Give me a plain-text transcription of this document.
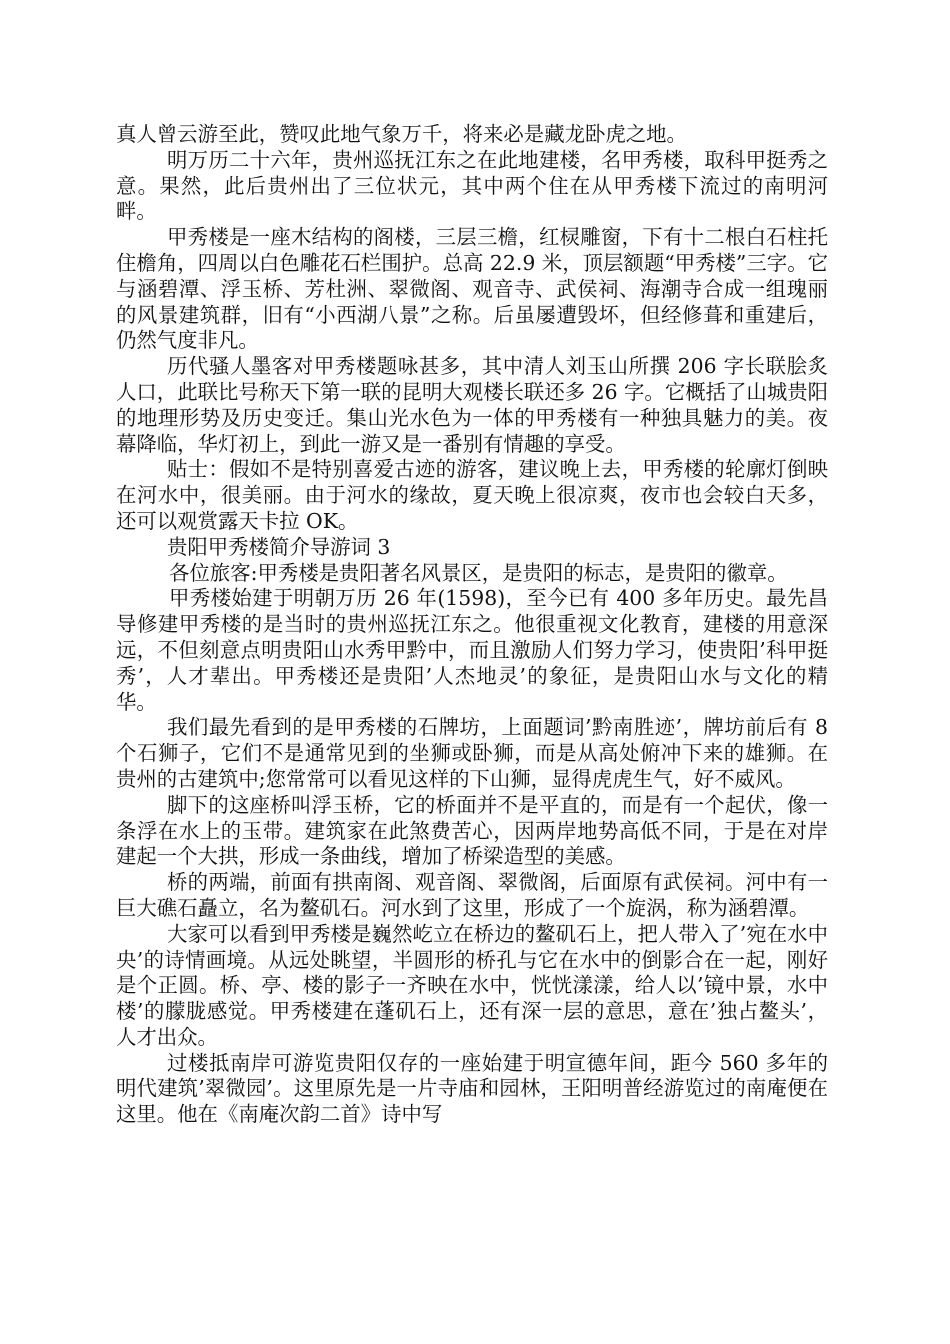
真人曾云游至此，赞叹此地气象万千，将来必是藏龙卧虎之地。

明万历二十六年，贵州巡抚江东之在此地建楼，名甲秀楼，取科甲挺秀之意。果然，此后贵州出了三位状元，其中两个住在从甲秀楼下流过的南明河畔。

甲秀楼是一座木结构的阁楼，三层三檐，红棂雕窗，下有十二根白石柱托住檐角，四周以白色雕花石栏围护。总高 22.9 米，顶层额题“甲秀楼”三字。它与涵碧潭、浮玉桥、芳杜洲、翠微阁、观音寺、武侯祠、海潮寺合成一组瑰丽的风景建筑群，旧有“小西湖八景”之称。后虽屡遭毁坏，但经修葺和重建后，仍然气度非凡。

历代骚人墨客对甲秀楼题咏甚多，其中清人刘玉山所撰 206 字长联脍炙人口，此联比号称天下第一联的昆明大观楼长联还多 26 字。它概括了山城贵阳的地理形势及历史变迁。集山光水色为一体的甲秀楼有一种独具魅力的美。夜幕降临，华灯初上，到此一游又是一番别有情趣的享受。

贴士：假如不是特别喜爱古迹的游客，建议晚上去，甲秀楼的轮廓灯倒映在河水中，很美丽。由于河水的缘故，夏天晚上很凉爽，夜市也会较白天多，还可以观赏露天卡拉 OK。

贵阳甲秀楼简介导游词 3

各位旅客:甲秀楼是贵阳著名风景区，是贵阳的标志，是贵阳的徽章。

甲秀楼始建于明朝万历 26 年(1598)，至今已有 400 多年历史。最先昌导修建甲秀楼的是当时的贵州巡抚江东之。他很重视文化教育，建楼的用意深远，不但刻意点明贵阳山水秀甲黔中，而且激励人们努力学习，使贵阳’科甲挺秀’，人才辈出。甲秀楼还是贵阳’人杰地灵’的象征，是贵阳山水与文化的精华。

我们最先看到的是甲秀楼的石牌坊，上面题词’黔南胜迹’，牌坊前后有 8 个石狮子，它们不是通常见到的坐狮或卧狮，而是从高处俯冲下来的雄狮。在贵州的古建筑中;您常常可以看见这样的下山狮，显得虎虎生气，好不威风。

脚下的这座桥叫浮玉桥，它的桥面并不是平直的，而是有一个起伏，像一条浮在水上的玉带。建筑家在此煞费苦心，因两岸地势高低不同，于是在对岸建起一个大拱，形成一条曲线，增加了桥梁造型的美感。

桥的两端，前面有拱南阁、观音阁、翠微阁，后面原有武侯祠。河中有一巨大礁石矗立，名为鳌矶石。河水到了这里，形成了一个旋涡，称为涵碧潭。

大家可以看到甲秀楼是巍然屹立在桥边的鳌矶石上，把人带入了’宛在水中央’的诗情画境。从远处眺望，半圆形的桥孔与它在水中的倒影合在一起，刚好是个正圆。桥、亭、楼的影子一齐映在水中，恍恍漾漾，给人以’镜中景，水中楼’的朦胧感觉。甲秀楼建在蓬矶石上，还有深一层的意思，意在’独占鳌头’，人才出众。

过楼抵南岸可游览贵阳仅存的一座始建于明宣德年间，距今 560 多年的明代建筑’翠微园’。这里原先是一片寺庙和园林，王阳明普经游览过的南庵便在这里。他在《南庵次韵二首》诗中写
